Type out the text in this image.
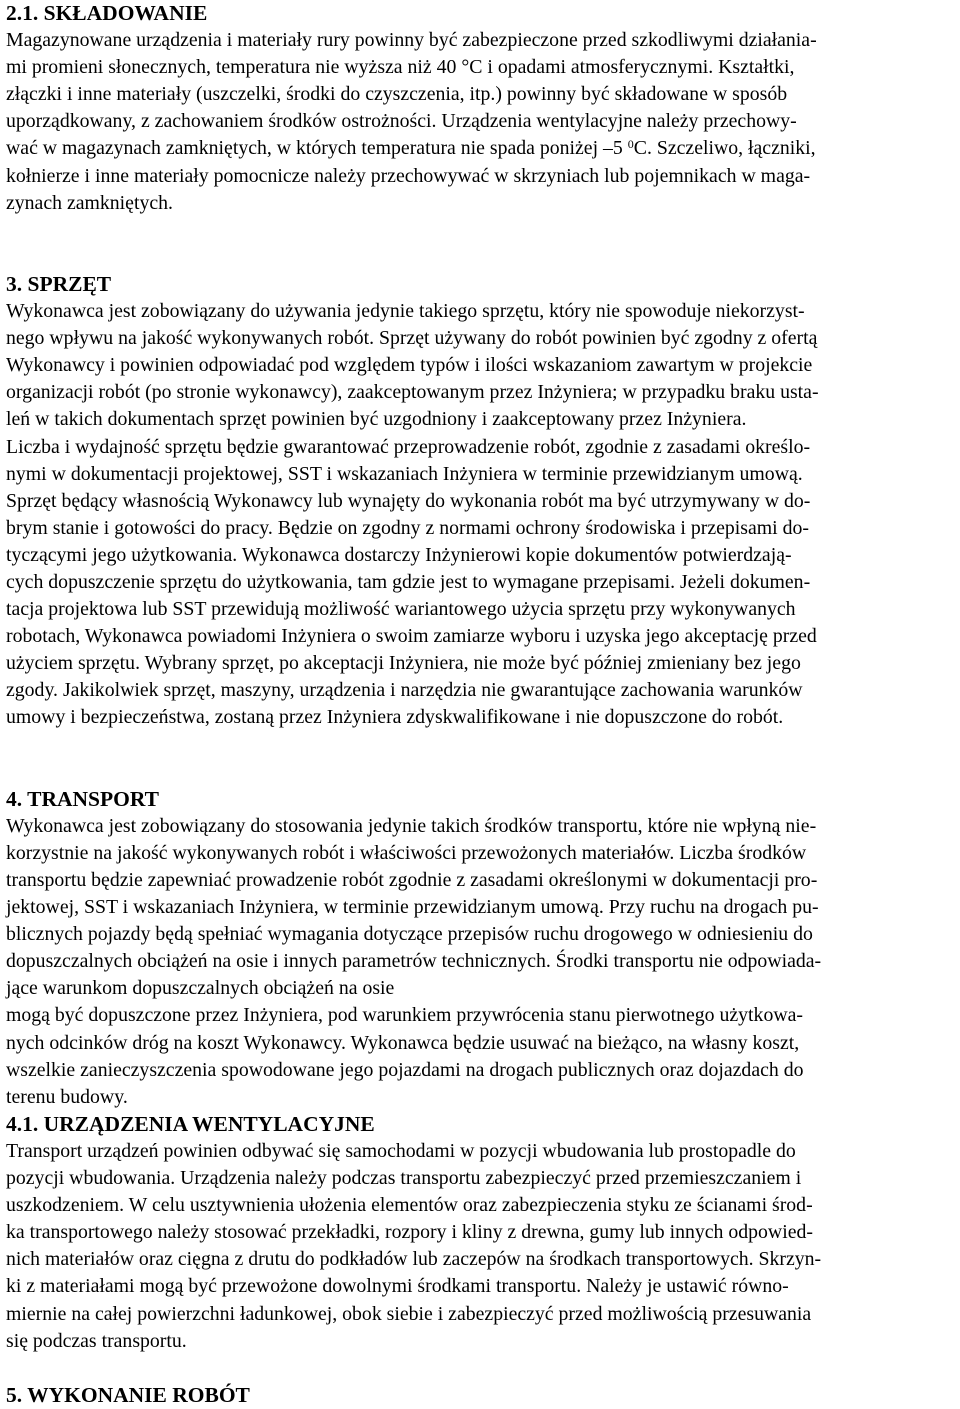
2.1. SKŁADOWANIE

Magazynowane urządzenia i materiały rury powinny być zabezpieczone przed szkodliwymi działania-

mi promieni słonecznych, temperatura nie wyższa niż 40 °C i opadami atmosferycznymi. Kształtki,

złączki i inne materiały (uszczelki, środki do czyszczenia, itp.) powinny być składowane w sposób

uporządkowany, z zachowaniem środków ostrożności. Urządzenia wentylacyjne należy przechowy-

wać w magazynach zamkniętych, w których temperatura nie spada poniżej –5 $^0$C. Szczeliwo, łączniki,

kołnierze i inne materiały pomocnicze należy przechowywać w skrzyniach lub pojemnikach w maga-

zynach zamkniętych.

3. SPRZĘT

Wykonawca jest zobowiązany do używania jedynie takiego sprzętu, który nie spowoduje niekorzyst-

nego wpływu na jakość wykonywanych robót. Sprzęt używany do robót powinien być zgodny z ofertą

Wykonawcy i powinien odpowiadać pod względem typów i ilości wskazaniom zawartym w projekcie

organizacji robót (po stronie wykonawcy), zaakceptowanym przez Inżyniera; w przypadku braku usta-

leń w takich dokumentach sprzęt powinien być uzgodniony i zaakceptowany przez Inżyniera.

Liczba i wydajność sprzętu będzie gwarantować przeprowadzenie robót, zgodnie z zasadami określo-

nymi w dokumentacji projektowej, SST i wskazaniach Inżyniera w terminie przewidzianym umową.

Sprzęt będący własnością Wykonawcy lub wynajęty do wykonania robót ma być utrzymywany w do-

brym stanie i gotowości do pracy. Będzie on zgodny z normami ochrony środowiska i przepisami do-

tyczącymi jego użytkowania. Wykonawca dostarczy Inżynierowi kopie dokumentów potwierdzają-

cych dopuszczenie sprzętu do użytkowania, tam gdzie jest to wymagane przepisami. Jeżeli dokumen-

tacja projektowa lub SST przewidują możliwość wariantowego użycia sprzętu przy wykonywanych

robotach, Wykonawca powiadomi Inżyniera o swoim zamiarze wyboru i uzyska jego akceptację przed

użyciem sprzętu. Wybrany sprzęt, po akceptacji Inżyniera, nie może być później zmieniany bez jego

zgody. Jakikolwiek sprzęt, maszyny, urządzenia i narzędzia nie gwarantujące zachowania warunków

umowy i bezpieczeństwa, zostaną przez Inżyniera zdyskwalifikowane i nie dopuszczone do robót.

4. TRANSPORT

Wykonawca jest zobowiązany do stosowania jedynie takich środków transportu, które nie wpłyną nie-

korzystnie na jakość wykonywanych robót i właściwości przewożonych materiałów. Liczba środków

transportu będzie zapewniać prowadzenie robót zgodnie z zasadami określonymi w dokumentacji pro-

jektowej, SST i wskazaniach Inżyniera, w terminie przewidzianym umową. Przy ruchu na drogach pu-

blicznych pojazdy będą spełniać wymagania dotyczące przepisów ruchu drogowego w odniesieniu do

dopuszczalnych obciążeń na osie i innych parametrów technicznych. Środki transportu nie odpowiada-

jące warunkom dopuszczalnych obciążeń na osie

mogą być dopuszczone przez Inżyniera, pod warunkiem przywrócenia stanu pierwotnego użytkowa-

nych odcinków dróg na koszt Wykonawcy. Wykonawca będzie usuwać na bieżąco, na własny koszt,

wszelkie zanieczyszczenia spowodowane jego pojazdami na drogach publicznych oraz dojazdach do

terenu budowy.

4.1. URZĄDZENIA WENTYLACYJNE

Transport urządzeń powinien odbywać się samochodami w pozycji wbudowania lub prostopadle do

pozycji wbudowania. Urządzenia należy podczas transportu zabezpieczyć przed przemieszczaniem i

uszkodzeniem. W celu usztywnienia ułożenia elementów oraz zabezpieczenia styku ze ścianami środ-

ka transportowego należy stosować przekładki, rozpory i kliny z drewna, gumy lub innych odpowied-

nich materiałów oraz cięgna z drutu do podkładów lub zaczepów na środkach transportowych. Skrzyn-

ki z materiałami mogą być przewożone dowolnymi środkami transportu. Należy je ustawić równo-

miernie na całej powierzchni ładunkowej, obok siebie i zabezpieczyć przed możliwością przesuwania

się podczas transportu.

5. WYKONANIE ROBÓT
